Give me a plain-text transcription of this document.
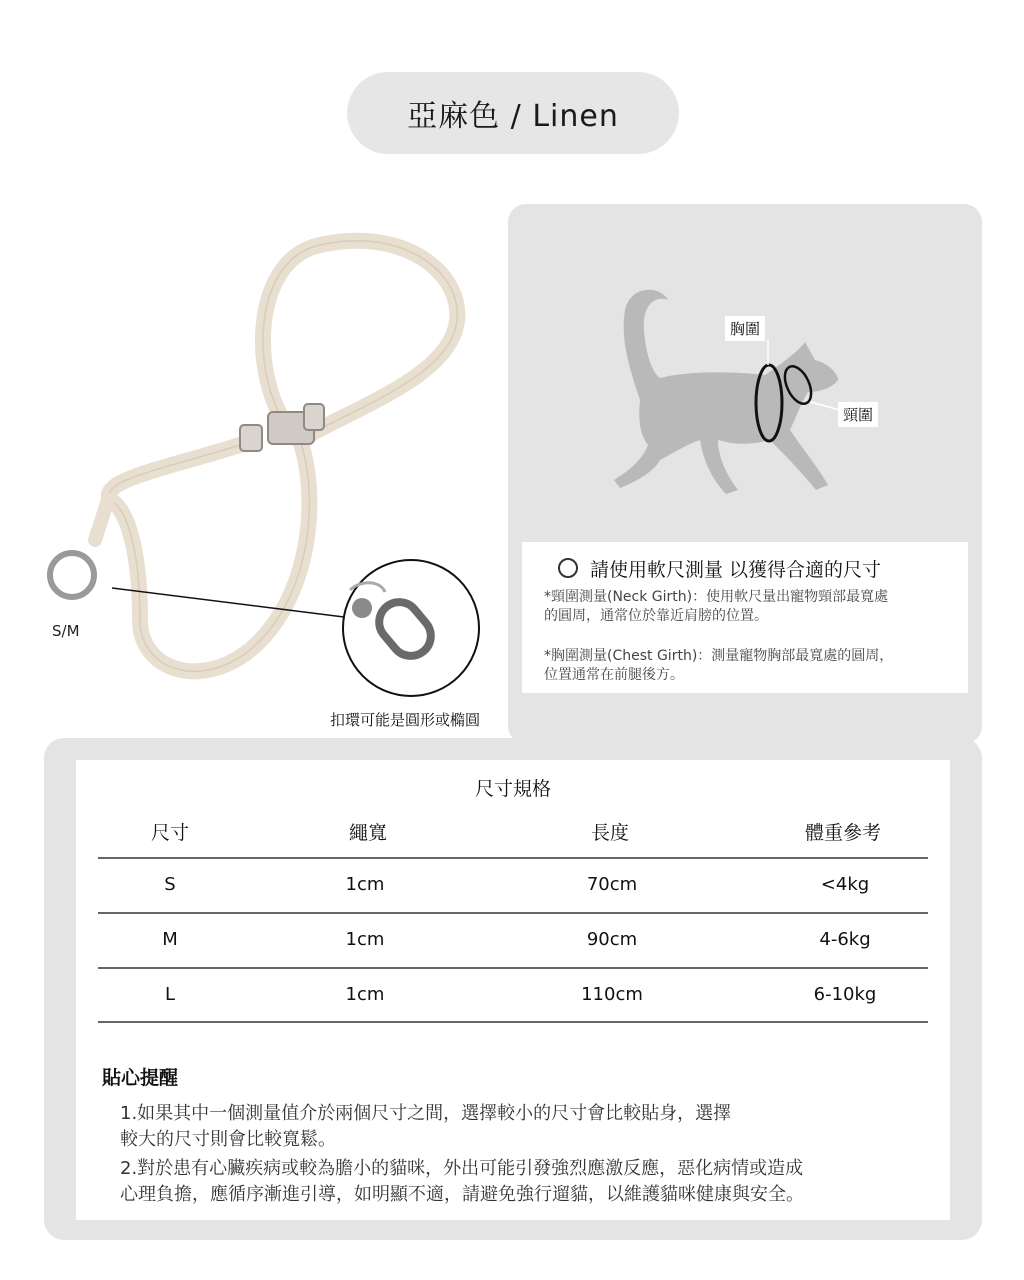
亞麻色 / Linen
S/M
扣環可能是圓形或橢圓
胸圍
頸圍
請使用軟尺測量 以獲得合適的尺寸
*頸圍測量(Neck Girth)：使用軟尺量出寵物頸部最寬處
的圓周，通常位於靠近肩膀的位置。
*胸圍測量(Chest Girth)：測量寵物胸部最寬處的圓周，
位置通常在前腿後方。
尺寸規格
尺寸	繩寬	長度	體重參考
S	1cm	70cm	<4kg
M	1cm	90cm	4-6kg
L	1cm	110cm	6-10kg
貼心提醒
1.如果其中一個測量值介於兩個尺寸之間，選擇較小的尺寸會比較貼身，選擇
較大的尺寸則會比較寬鬆。
2.對於患有心臟疾病或較為膽小的貓咪，外出可能引發強烈應激反應，惡化病情或造成
心理負擔，應循序漸進引導，如明顯不適，請避免強行遛貓，以維護貓咪健康與安全。
